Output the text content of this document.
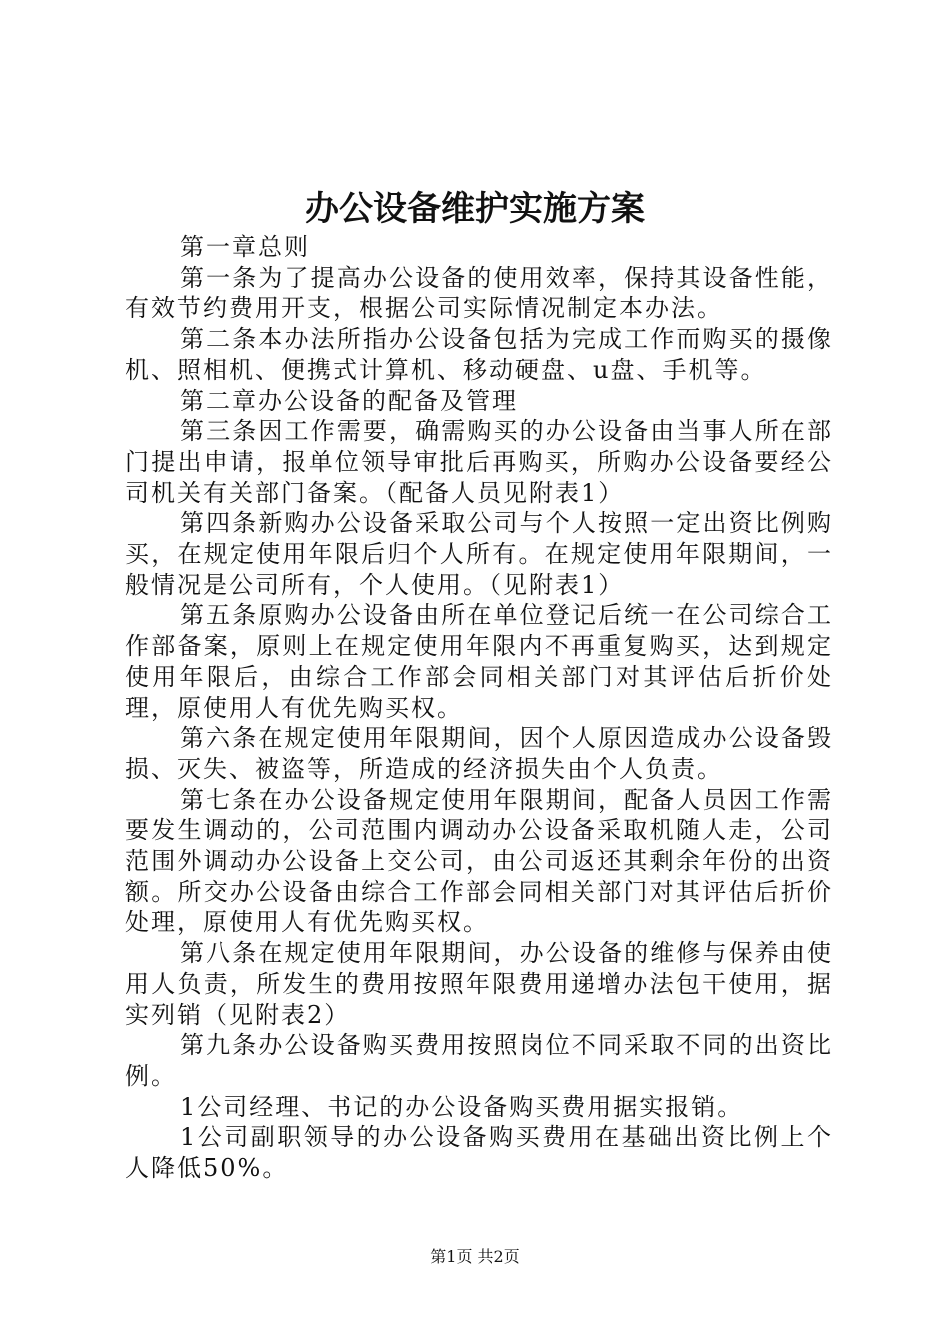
办公设备维护实施方案

第一章总则

第一条为了提高办公设备的使用效率，保持其设备性能，有效节约费用开支，根据公司实际情况制定本办法。

第二条本办法所指办公设备包括为完成工作而购买的摄像机、照相机、便携式计算机、移动硬盘、u盘、手机等。

第二章办公设备的配备及管理

第三条因工作需要，确需购买的办公设备由当事人所在部门提出申请，报单位领导审批后再购买，所购办公设备要经公司机关有关部门备案。（配备人员见附表1）

第四条新购办公设备采取公司与个人按照一定出资比例购买，在规定使用年限后归个人所有。在规定使用年限期间，一般情况是公司所有，个人使用。（见附表1）

第五条原购办公设备由所在单位登记后统一在公司综合工作部备案，原则上在规定使用年限内不再重复购买，达到规定使用年限后，由综合工作部会同相关部门对其评估后折价处理，原使用人有优先购买权。

第六条在规定使用年限期间，因个人原因造成办公设备毁损、灭失、被盗等，所造成的经济损失由个人负责。

第七条在办公设备规定使用年限期间，配备人员因工作需要发生调动的，公司范围内调动办公设备采取机随人走，公司范围外调动办公设备上交公司，由公司返还其剩余年份的出资额。所交办公设备由综合工作部会同相关部门对其评估后折价处理，原使用人有优先购买权。

第八条在规定使用年限期间，办公设备的维修与保养由使用人负责，所发生的费用按照年限费用递增办法包干使用，据实列销（见附表2）

第九条办公设备购买费用按照岗位不同采取不同的出资比例。

1公司经理、书记的办公设备购买费用据实报销。

1公司副职领导的办公设备购买费用在基础出资比例上个人降低50%。

第1页 共2页
